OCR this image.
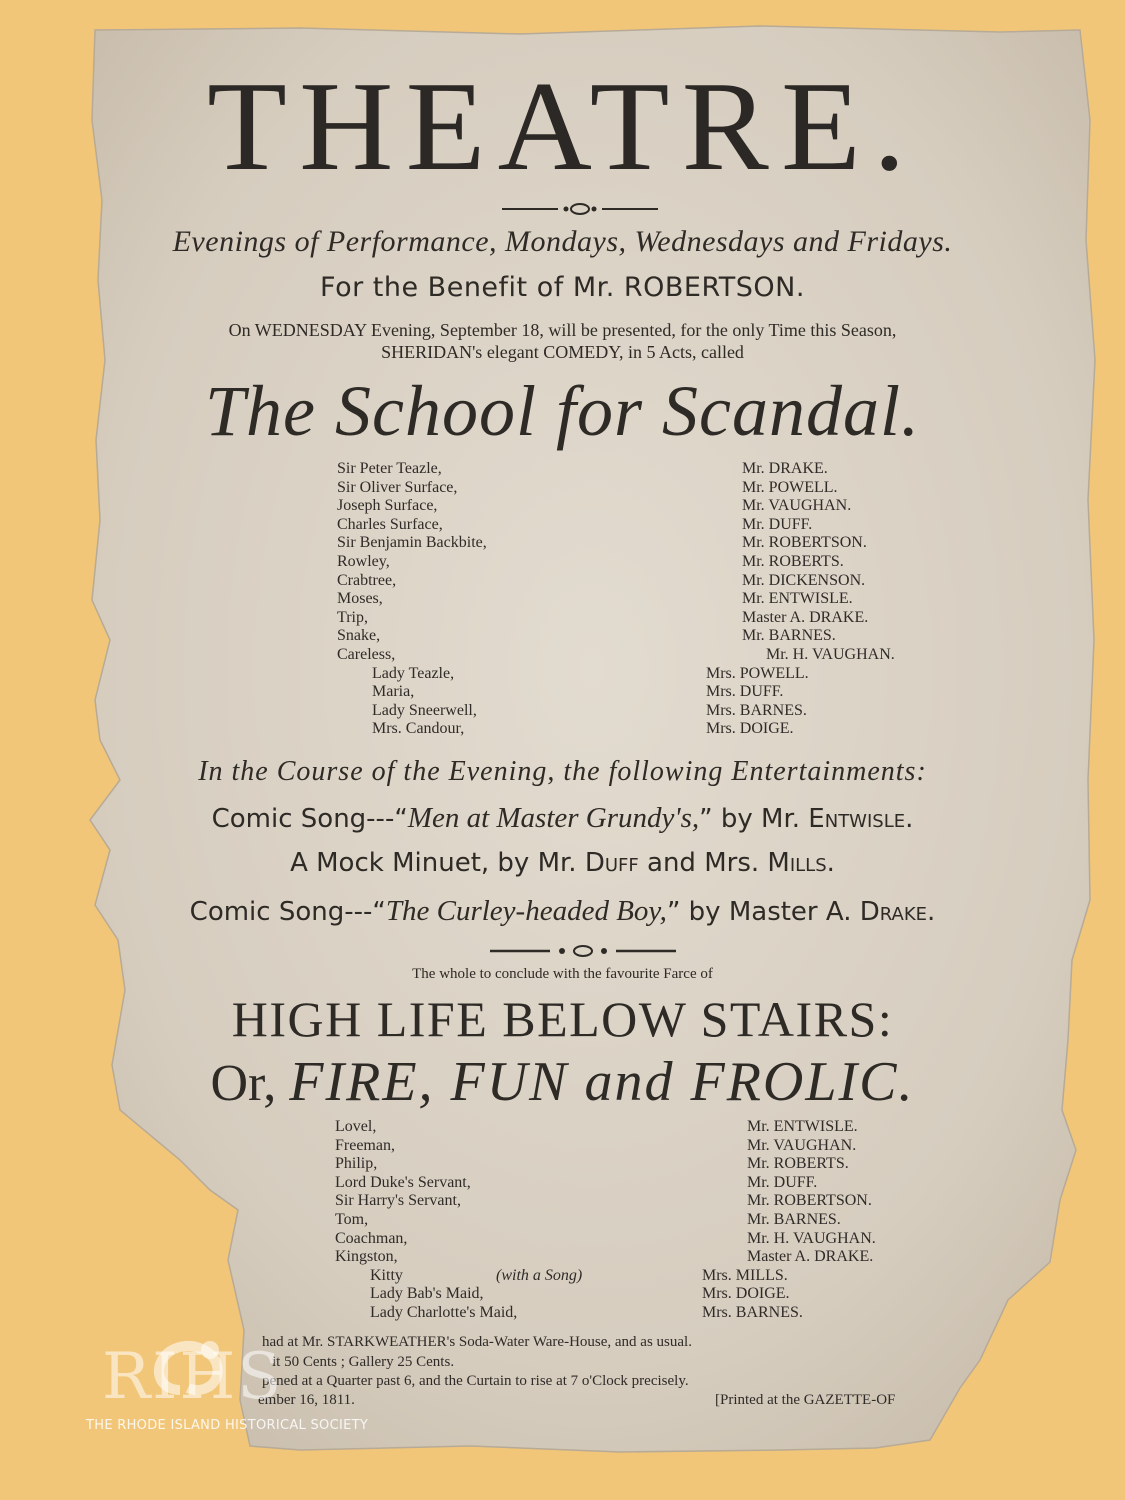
THEATRE.
Evenings of Performance, Mondays, Wednesdays and Fridays.
For the Benefit of Mr. ROBERTSON.
On WEDNESDAY Evening, September 18, will be presented, for the only Time this Season,
SHERIDAN's elegant COMEDY, in 5 Acts, called
The School for Scandal.
Sir Peter Teazle,	Mr. DRAKE.
Sir Oliver Surface,	Mr. POWELL.
Joseph Surface,	Mr. VAUGHAN.
Charles Surface,	Mr. DUFF.
Sir Benjamin Backbite,	Mr. ROBERTSON.
Rowley,	Mr. ROBERTS.
Crabtree,	Mr. DICKENSON.
Moses,	Mr. ENTWISLE.
Trip,	Master A. DRAKE.
Snake,	Mr. BARNES.
Careless,	Mr. H. VAUGHAN.
Lady Teazle,	Mrs. POWELL.
Maria,	Mrs. DUFF.
Lady Sneerwell,	Mrs. BARNES.
Mrs. Candour,	Mrs. DOIGE.
In the Course of the Evening, the following Entertainments:
Comic Song---“Men at Master Grundy's,” by Mr. Entwisle.
A Mock Minuet, by Mr. Duff and Mrs. Mills.
Comic Song---“The Curley-headed Boy,” by Master A. Drake.
The whole to conclude with the favourite Farce of
HIGH LIFE BELOW STAIRS:
Or, FIRE, FUN and FROLIC.
Lovel,	Mr. ENTWISLE.
Freeman,	Mr. VAUGHAN.
Philip,	Mr. ROBERTS.
Lord Duke's Servant,	Mr. DUFF.
Sir Harry's Servant,	Mr. ROBERTSON.
Tom,	Mr. BARNES.
Coachman,	Mr. H. VAUGHAN.
Kingston,	Master A. DRAKE.
Kitty	(with a Song)	Mrs. MILLS.
Lady Bab's Maid,	Mrs. DOIGE.
Lady Charlotte's Maid,	Mrs. BARNES.
had at Mr. STARKWEATHER's Soda-Water Ware-House, and as usual.
it 50 Cents ; Gallery 25 Cents.
pened at a Quarter past 6, and the Curtain to rise at 7 o'Clock precisely.
ember 16, 1811.	[Printed at the GAZETTE-OF
RIHS
THE RHODE ISLAND HISTORICAL SOCIETY
